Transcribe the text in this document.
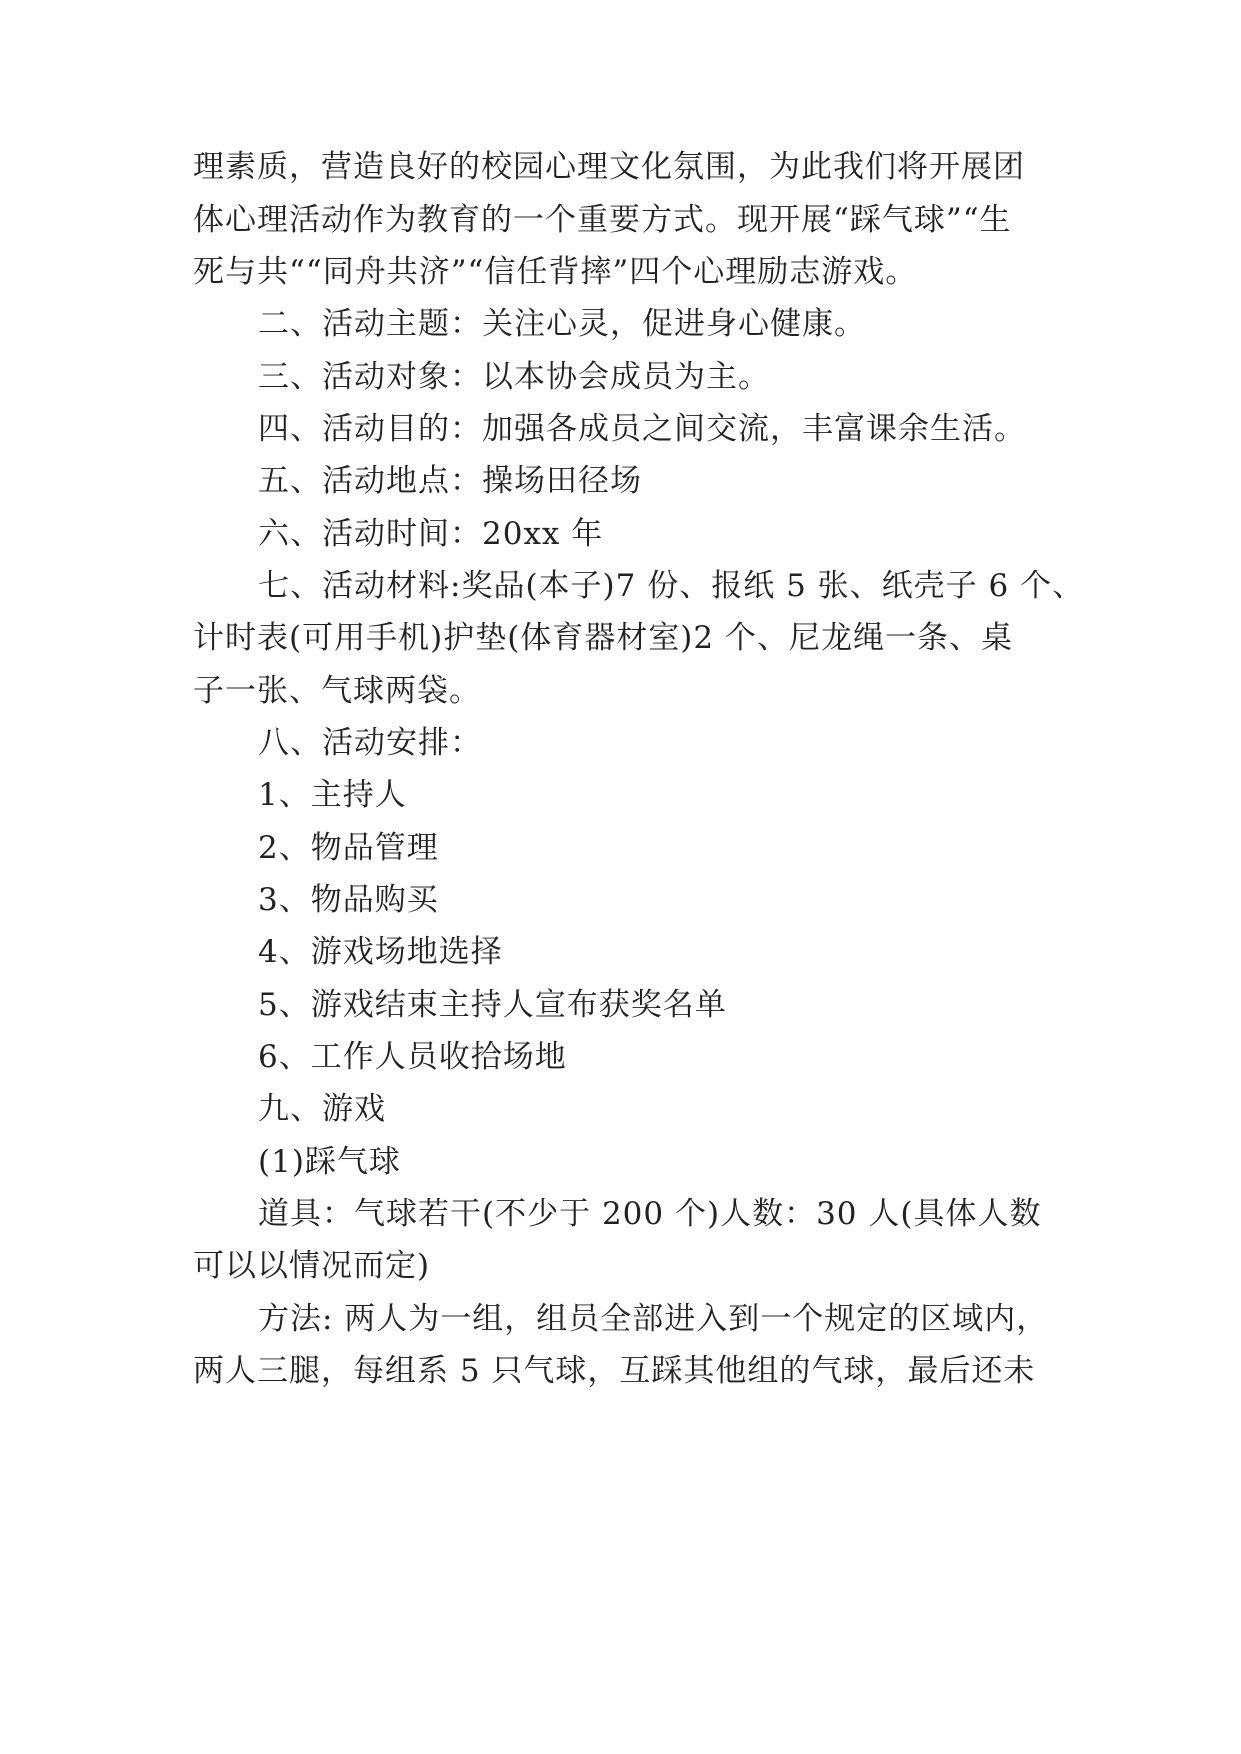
理素质，营造良好的校园心理文化氛围，为此我们将开展团
体心理活动作为教育的一个重要方式。现开展“踩气球”“生
死与共““同舟共济”“信任背摔”四个心理励志游戏。
二、活动主题：关注心灵，促进身心健康。
三、活动对象：以本协会成员为主。
四、活动目的：加强各成员之间交流，丰富课余生活。
五、活动地点：操场田径场
六、活动时间：20xx 年
七、活动材料:奖品(本子)7 份、报纸 5 张、纸壳子 6 个、
计时表(可用手机)护垫(体育器材室)2 个、尼龙绳一条、桌
子一张、气球两袋。
八、活动安排：
1、主持人
2、物品管理
3、物品购买
4、游戏场地选择
5、游戏结束主持人宣布获奖名单
6、工作人员收拾场地
九、游戏
(1)踩气球
道具：气球若干(不少于 200 个)人数：30 人(具体人数
可以以情况而定)
方法: 两人为一组，组员全部进入到一个规定的区域内，
两人三腿，每组系 5 只气球，互踩其他组的气球，最后还未
